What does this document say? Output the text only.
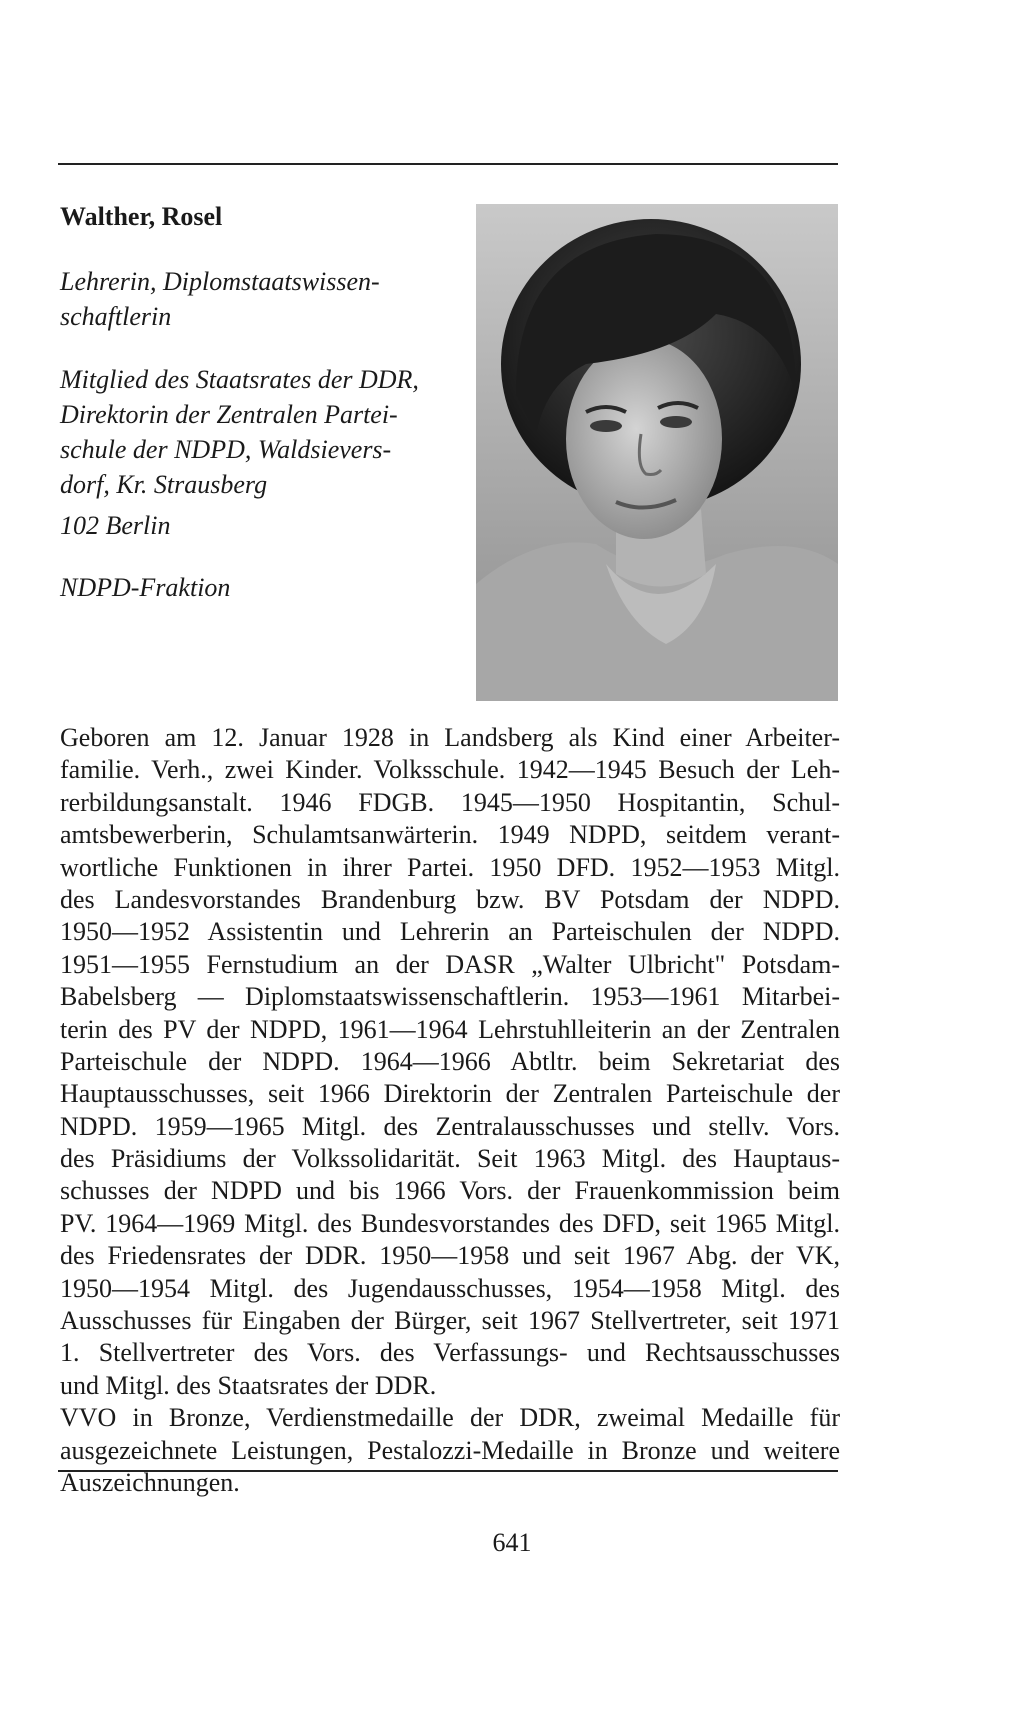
Walther, Rosel
Lehrerin, Diplomstaatswissen-
schaftlerin
Mitglied des Staatsrates der DDR,
Direktorin der Zentralen Partei-
schule der NDPD, Waldsievers-
dorf, Kr. Strausberg
102 Berlin
NDPD-Fraktion
Geboren am 12. Januar 1928 in Landsberg als Kind einer Arbeiter-
familie. Verh., zwei Kinder. Volksschule. 1942—1945 Besuch der Leh-
rerbildungsanstalt. 1946 FDGB. 1945—1950 Hospitantin, Schul-
amtsbewerberin, Schulamtsanwärterin. 1949 NDPD, seitdem verant-
wortliche Funktionen in ihrer Partei. 1950 DFD. 1952—1953 Mitgl.
des Landesvorstandes Brandenburg bzw. BV Potsdam der NDPD.
1950—1952 Assistentin und Lehrerin an Parteischulen der NDPD.
1951—1955 Fernstudium an der DASR „Walter Ulbricht" Potsdam-
Babelsberg — Diplomstaatswissenschaftlerin. 1953—1961 Mitarbei-
terin des PV der NDPD, 1961—1964 Lehrstuhlleiterin an der Zentralen
Parteischule der NDPD. 1964—1966 Abtltr. beim Sekretariat des
Hauptausschusses, seit 1966 Direktorin der Zentralen Parteischule der
NDPD. 1959—1965 Mitgl. des Zentralausschusses und stellv. Vors.
des Präsidiums der Volkssolidarität. Seit 1963 Mitgl. des Hauptaus-
schusses der NDPD und bis 1966 Vors. der Frauenkommission beim
PV. 1964—1969 Mitgl. des Bundesvorstandes des DFD, seit 1965 Mitgl.
des Friedensrates der DDR. 1950—1958 und seit 1967 Abg. der VK,
1950—1954 Mitgl. des Jugendausschusses, 1954—1958 Mitgl. des
Ausschusses für Eingaben der Bürger, seit 1967 Stellvertreter, seit 1971
1. Stellvertreter des Vors. des Verfassungs- und Rechtsausschusses
und Mitgl. des Staatsrates der DDR.
VVO in Bronze, Verdienstmedaille der DDR, zweimal Medaille für
ausgezeichnete Leistungen, Pestalozzi-Medaille in Bronze und weitere
Auszeichnungen.
641
